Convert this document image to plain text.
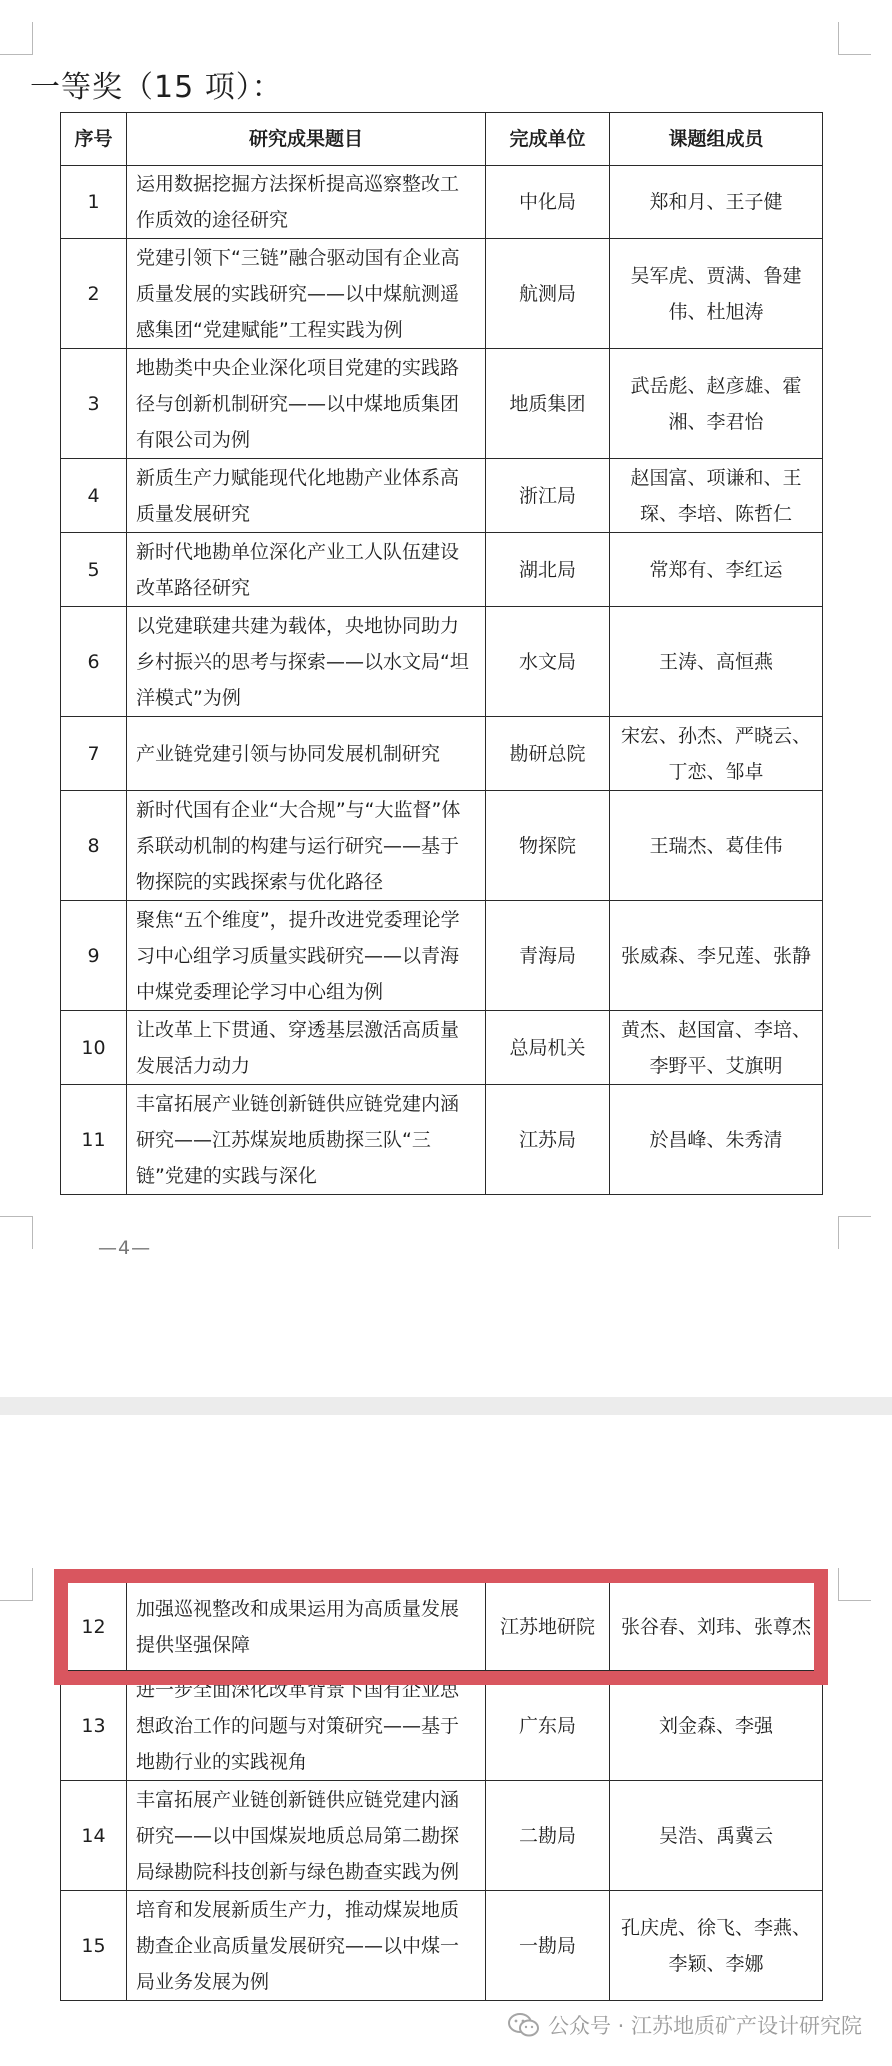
一等奖（15 项）：
序号	研究成果题目	完成单位	课题组成员
1	运用数据挖掘方法探析提高巡察整改工作质效的途径研究	中化局	郑和月、王子健
2	党建引领下“三链”融合驱动国有企业高质量发展的实践研究——以中煤航测遥感集团“党建赋能”工程实践为例	航测局	吴军虎、贾满、鲁建伟、杜旭涛
3	地勘类中央企业深化项目党建的实践路径与创新机制研究——以中煤地质集团有限公司为例	地质集团	武岳彪、赵彦雄、霍湘、李君怡
4	新质生产力赋能现代化地勘产业体系高质量发展研究	浙江局	赵国富、项谦和、王琛、李培、陈哲仁
5	新时代地勘单位深化产业工人队伍建设改革路径研究	湖北局	常郑有、李红运
6	以党建联建共建为载体，央地协同助力乡村振兴的思考与探索——以水文局“坦洋模式”为例	水文局	王涛、高恒燕
7	产业链党建引领与协同发展机制研究	勘研总院	宋宏、孙杰、严晓云、丁恋、邹卓
8	新时代国有企业“大合规”与“大监督”体系联动机制的构建与运行研究——基于物探院的实践探索与优化路径	物探院	王瑞杰、葛佳伟
9	聚焦“五个维度”，提升改进党委理论学习中心组学习质量实践研究——以青海中煤党委理论学习中心组为例	青海局	张威森、李兄莲、张静
10	让改革上下贯通、穿透基层激活高质量发展活力动力	总局机关	黄杰、赵国富、李培、李野平、艾旗明
11	丰富拓展产业链创新链供应链党建内涵研究——江苏煤炭地质勘探三队“三链”党建的实践与深化	江苏局	於昌峰、朱秀清
—4—
12	加强巡视整改和成果运用为高质量发展提供坚强保障	江苏地研院	张谷春、刘玮、张尊杰
13	进一步全面深化改革背景下国有企业思想政治工作的问题与对策研究——基于地勘行业的实践视角	广东局	刘金森、李强
14	丰富拓展产业链创新链供应链党建内涵研究——以中国煤炭地质总局第二勘探局绿勘院科技创新与绿色勘查实践为例	二勘局	吴浩、禹冀云
15	培育和发展新质生产力，推动煤炭地质勘查企业高质量发展研究——以中煤一局业务发展为例	一勘局	孔庆虎、徐飞、李燕、李颖、李娜
公众号 · 江苏地质矿产设计研究院
